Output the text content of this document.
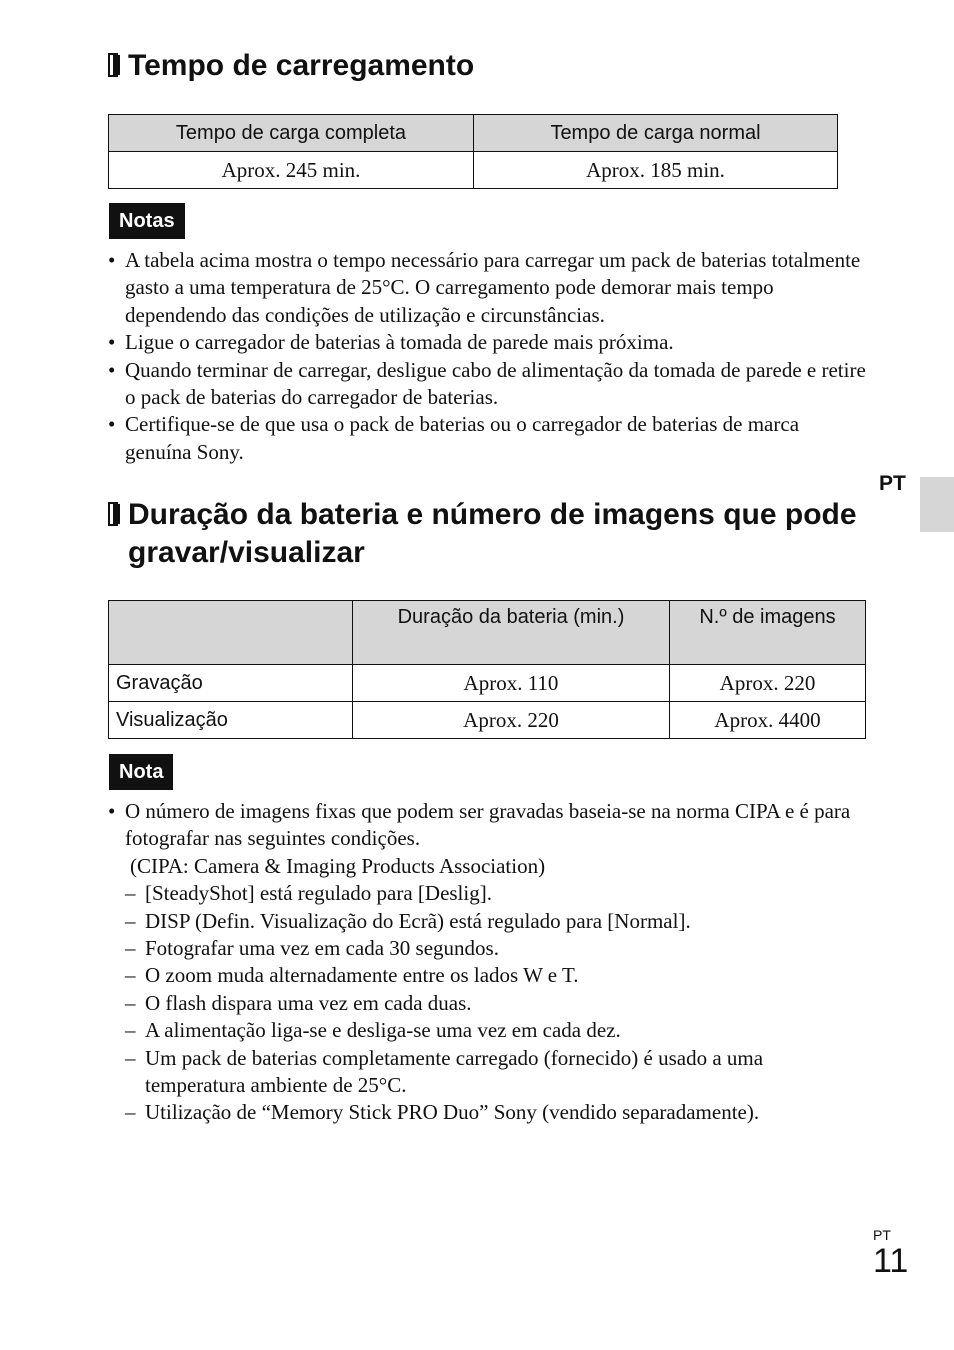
Tempo de carregamento
Tempo de carga completa	Tempo de carga normal
Aprox. 245 min.	Aprox. 185 min.
Notas
• A tabela acima mostra o tempo necessário para carregar um pack de baterias totalmente gasto a uma temperatura de 25°C. O carregamento pode demorar mais tempo dependendo das condições de utilização e circunstâncias.
• Ligue o carregador de baterias à tomada de parede mais próxima.
• Quando terminar de carregar, desligue cabo de alimentação da tomada de parede e retire o pack de baterias do carregador de baterias.
• Certifique-se de que usa o pack de baterias ou o carregador de baterias de marca genuína Sony.
PT
Duração da bateria e número de imagens que pode gravar/visualizar
	Duração da bateria (min.)	N.º de imagens
Gravação	Aprox. 110	Aprox. 220
Visualização	Aprox. 220	Aprox. 4400
Nota
• O número de imagens fixas que podem ser gravadas baseia-se na norma CIPA e é para fotografar nas seguintes condições.
(CIPA: Camera & Imaging Products Association)
– [SteadyShot] está regulado para [Deslig].
– DISP (Defin. Visualização do Ecrã) está regulado para [Normal].
– Fotografar uma vez em cada 30 segundos.
– O zoom muda alternadamente entre os lados W e T.
– O flash dispara uma vez em cada duas.
– A alimentação liga-se e desliga-se uma vez em cada dez.
– Um pack de baterias completamente carregado (fornecido) é usado a uma temperatura ambiente de 25°C.
– Utilização de “Memory Stick PRO Duo” Sony (vendido separadamente).
PT
11
